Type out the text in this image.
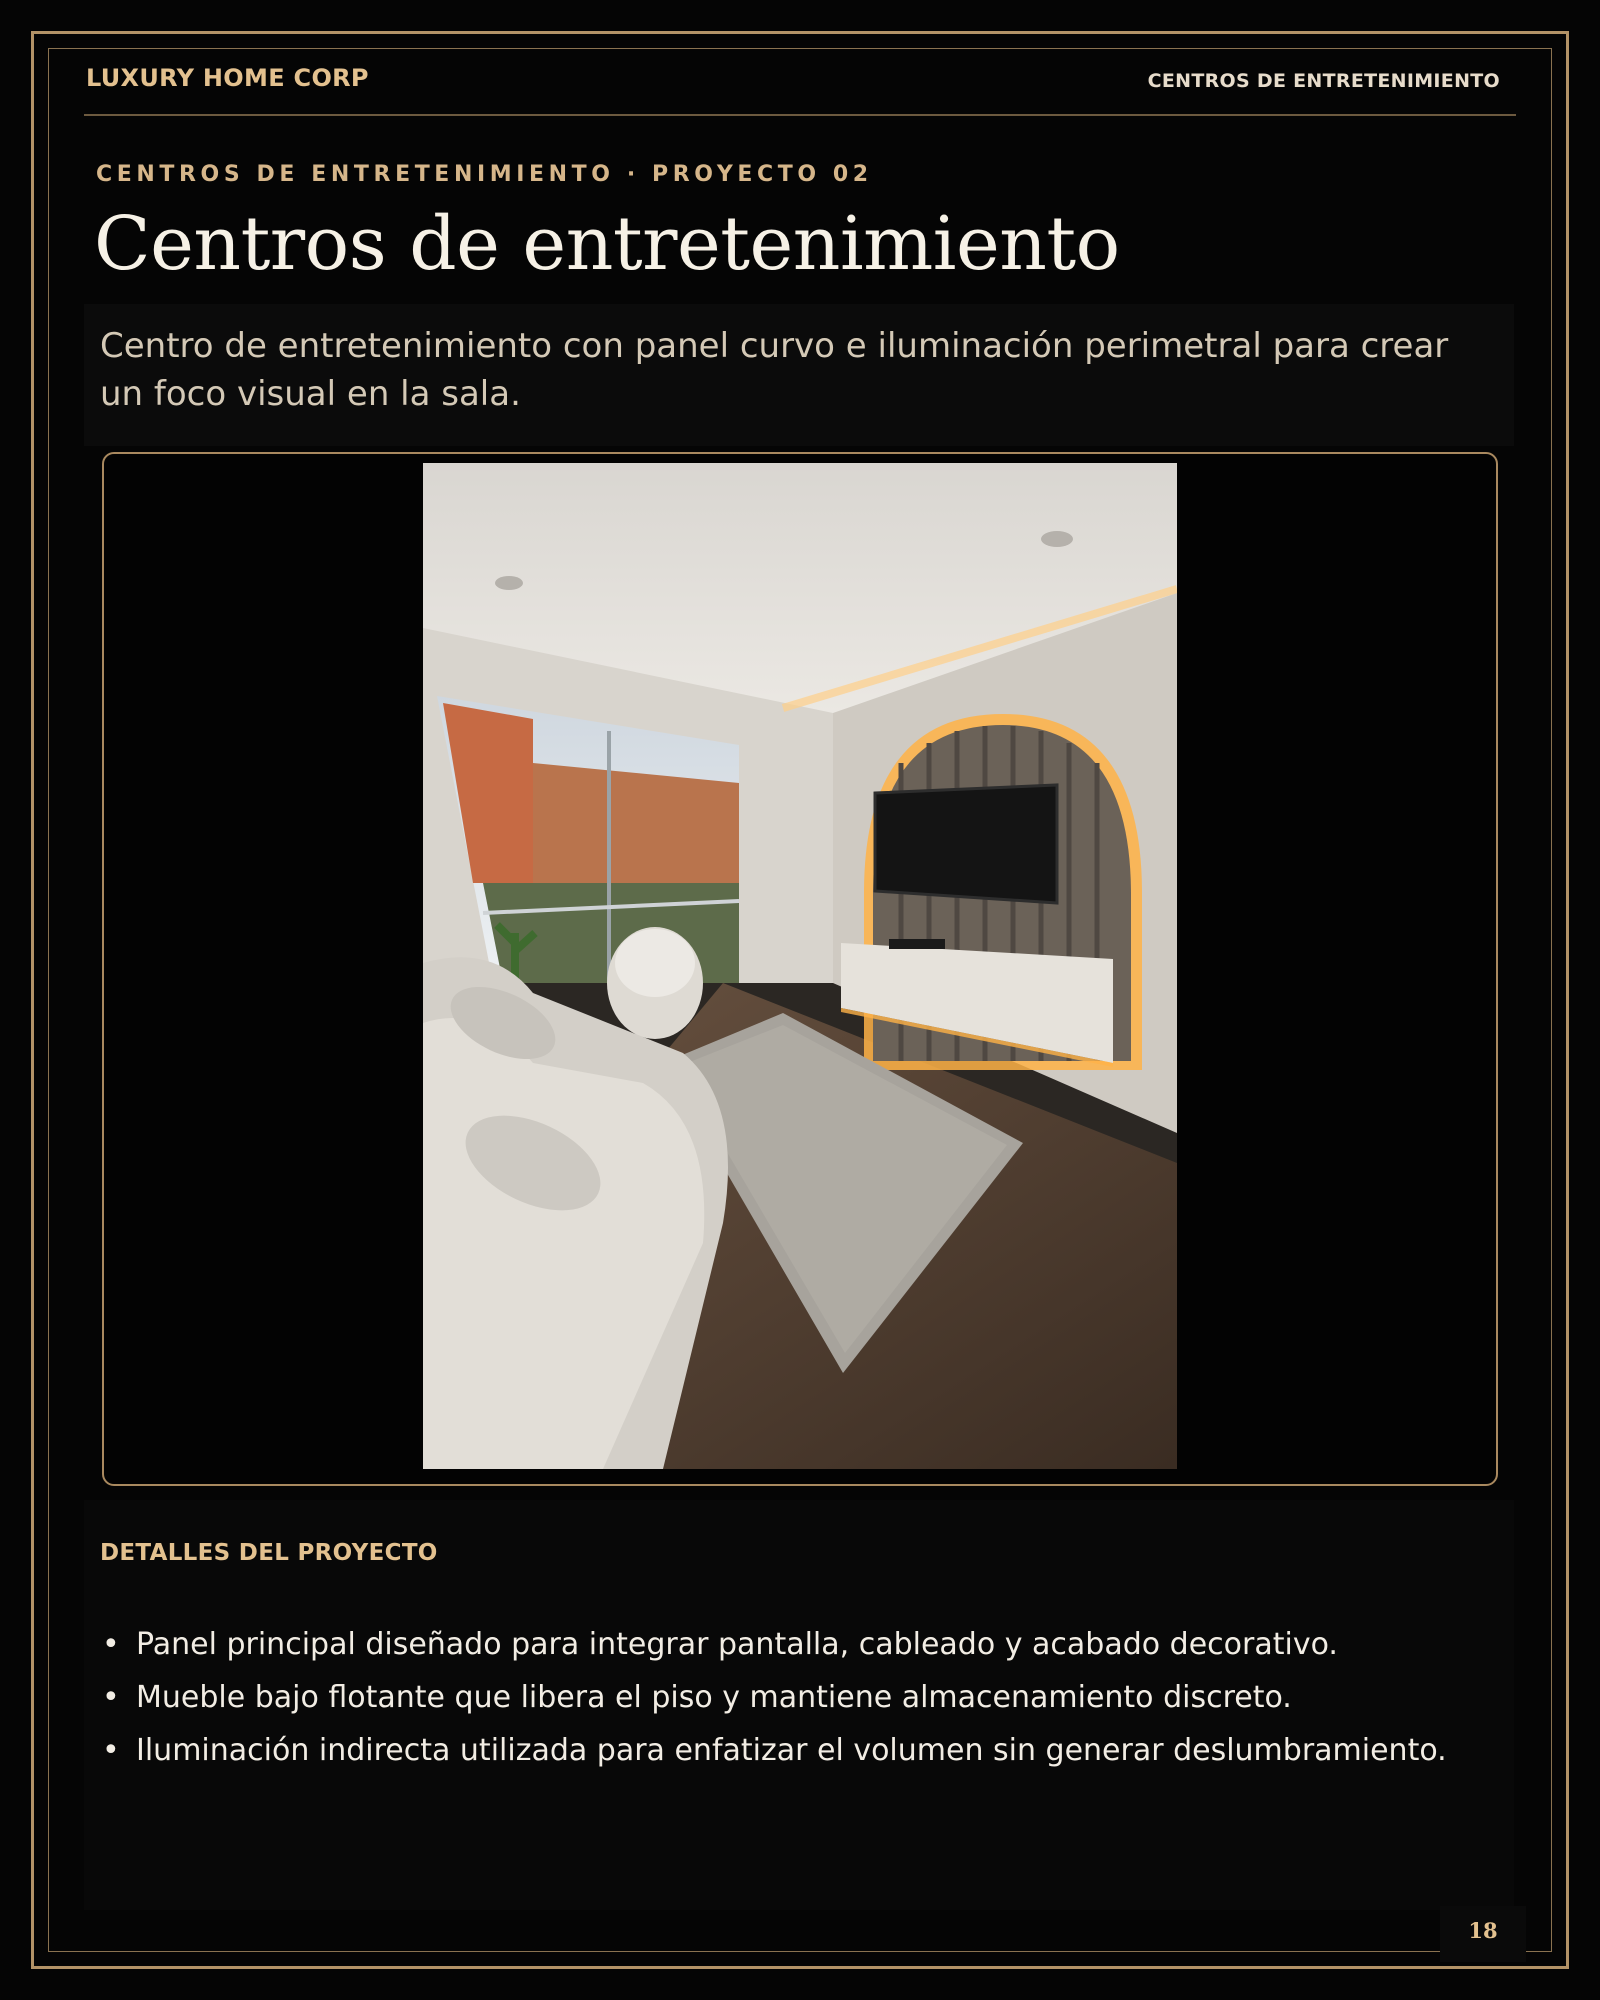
LUXURY HOME CORP	CENTROS DE ENTRETENIMIENTO
CENTROS DE ENTRETENIMIENTO · PROYECTO 02
Centros de entretenimiento
Centro de entretenimiento con panel curvo e iluminación perimetral para crear un foco visual en la sala.
DETALLES DEL PROYECTO
• Panel principal diseñado para integrar pantalla, cableado y acabado decorativo.
• Mueble bajo flotante que libera el piso y mantiene almacenamiento discreto.
• Iluminación indirecta utilizada para enfatizar el volumen sin generar deslumbramiento.
18
